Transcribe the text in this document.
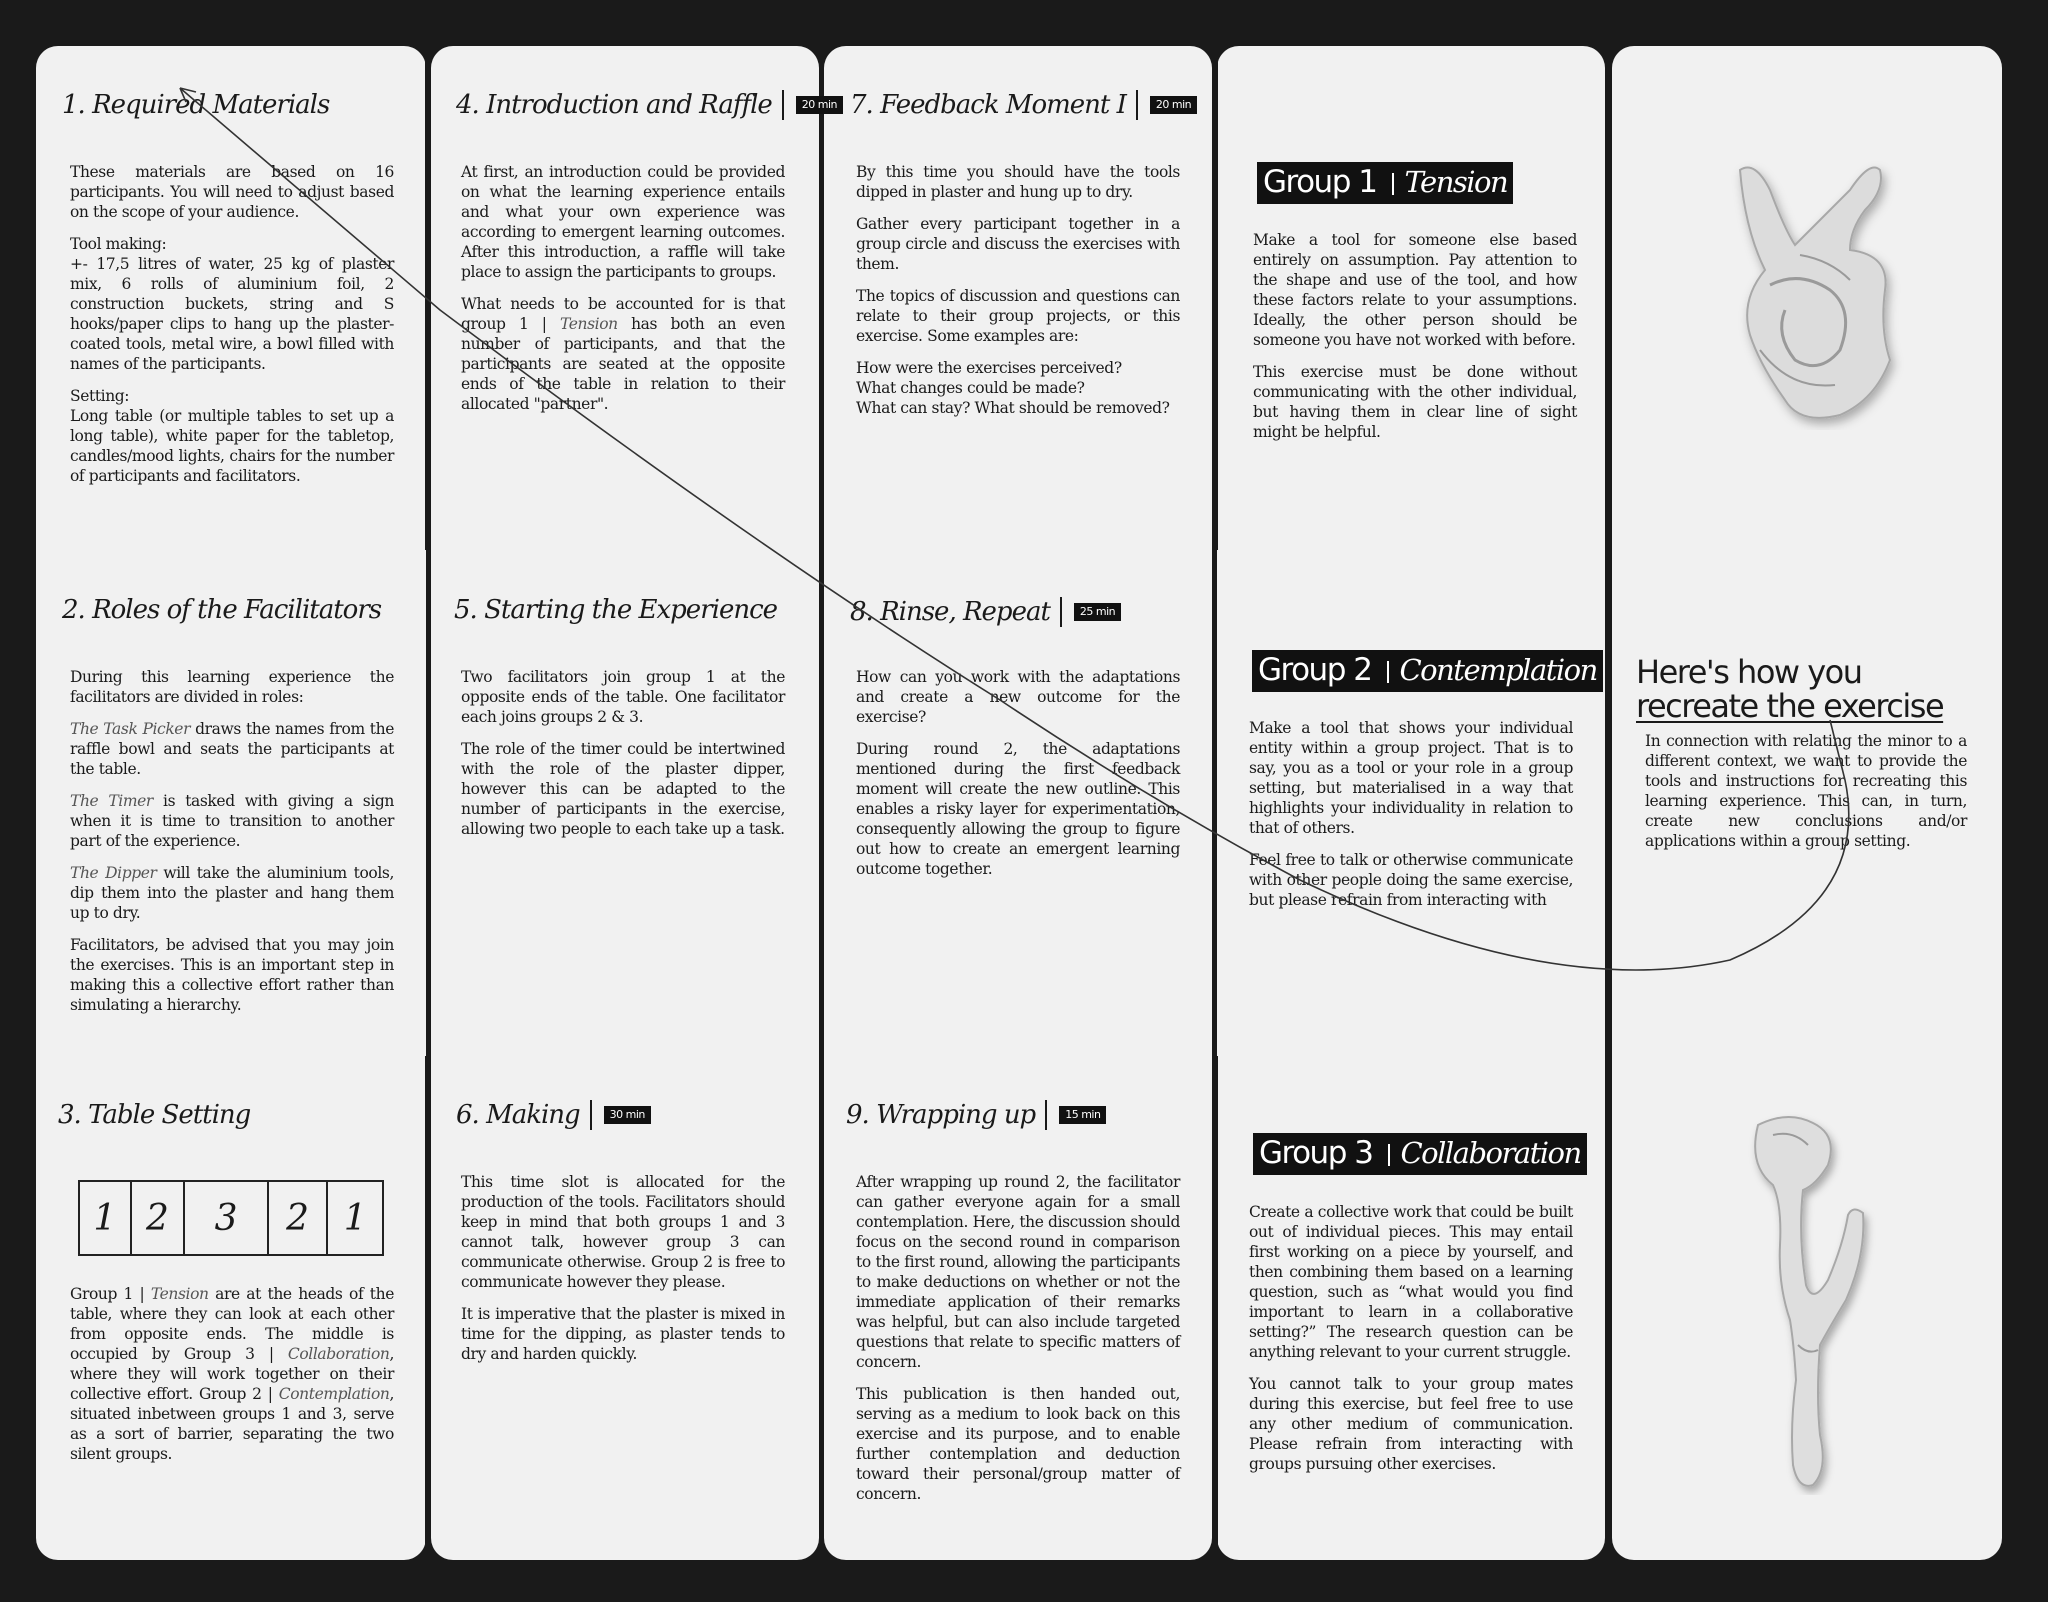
1. Required Materials

These materials are based on 16 participants. You will need to adjust based on the scope of your audience.

Tool making:
+- 17,5 litres of water, 25 kg of plaster mix, 6 rolls of aluminium foil, 2 construction buckets, string and S hooks/paper clips to hang up the plaster-coated tools, metal wire, a bowl filled with names of the participants.

Setting:
Long table (or multiple tables to set up a long table), white paper for the tabletop, candles/mood lights, chairs for the number of participants and facilitators.

2. Roles of the Facilitators

During this learning experience the facilitators are divided in roles:

The Task Picker draws the names from the raffle bowl and seats the participants at the table.

The Timer is tasked with giving a sign when it is time to transition to another part of the experience.

The Dipper will take the aluminium tools, dip them into the plaster and hang them up to dry.

Facilitators, be advised that you may join the exercises. This is an important step in making this a collective effort rather than simulating a hierarchy.

3. Table Setting
1 2	3	2 1

Group 1 | Tension are at the heads of the table, where they can look at each other from opposite ends. The middle is occupied by Group 3 | Collaboration, where they will work together on their collective effort. Group 2 | Contemplation, situated inbetween groups 1 and 3, serve as a sort of barrier, separating the two silent groups.

4. Introduction and Raffle	20 min

At first, an introduction could be provided on what the learning experience entails and what your own experience was according to emergent learning outcomes. After this introduction, a raffle will take place to assign the participants to groups.

What needs to be accounted for is that group 1 | Tension has both an even number of participants, and that the participants are seated at the opposite ends of the table in relation to their allocated "partner".

5. Starting the Experience

Two facilitators join group 1 at the opposite ends of the table. One facilitator each joins groups 2 & 3.

The role of the timer could be intertwined with the role of the plaster dipper, however this can be adapted to the number of participants in the exercise, allowing two people to each take up a task.

6. Making	30 min

This time slot is allocated for the production of the tools. Facilitators should keep in mind that both groups 1 and 3 cannot talk, however group 3 can communicate otherwise. Group 2 is free to communicate however they please.

It is imperative that the plaster is mixed in time for the dipping, as plaster tends to dry and harden quickly.

7. Feedback Moment I	20 min

By this time you should have the tools dipped in plaster and hung up to dry.

Gather every participant together in a group circle and discuss the exercises with them.

The topics of discussion and questions can relate to their group projects, or this exercise. Some examples are:

How were the exercises perceived?
What changes could be made?
What can stay? What should be removed?

8. Rinse, Repeat	25 min

How can you work with the adaptations and create a new outcome for the exercise?

During round 2, the adaptations mentioned during the first feedback moment will create the new outline. This enables a risky layer for experimentation, consequently allowing the group to figure out how to create an emergent learning outcome together.

9. Wrapping up	15 min

After wrapping up round 2, the facilitator can gather everyone again for a small contemplation. Here, the discussion should focus on the second round in comparison to the first round, allowing the participants to make deductions on whether or not the immediate application of their remarks was helpful, but can also include targeted questions that relate to specific matters of concern.

This publication is then handed out, serving as a medium to look back on this exercise and its purpose, and to enable further contemplation and deduction toward their personal/group matter of concern.

Group 1 Tension

Make a tool for someone else based entirely on assumption. Pay attention to the shape and use of the tool, and how these factors relate to your assumptions. Ideally, the other person should be someone you have not worked with before.

This exercise must be done without communicating with the other individual, but having them in clear line of sight might be helpful.

Group 2 Contemplation

Make a tool that shows your individual entity within a group project. That is to say, you as a tool or your role in a group setting, but materialised in a way that highlights your individuality in relation to that of others.

Feel free to talk or otherwise communicate with other people doing the same exercise, but please refrain from interacting with

Group 3 Collaboration

Create a collective work that could be built out of individual pieces. This may entail first working on a piece by yourself, and then combining them based on a learning question, such as “what would you find important to learn in a collaborative setting?” The research question can be anything relevant to your current struggle.

You cannot talk to your group mates during this exercise, but feel free to use any other medium of communication. Please refrain from interacting with groups pursuing other exercises.

Here's how you
recreate the exercise

In connection with relating the minor to a different context, we want to provide the tools and instructions for recreating this learning experience. This can, in turn, create new conclusions and/or applications within a group setting.
